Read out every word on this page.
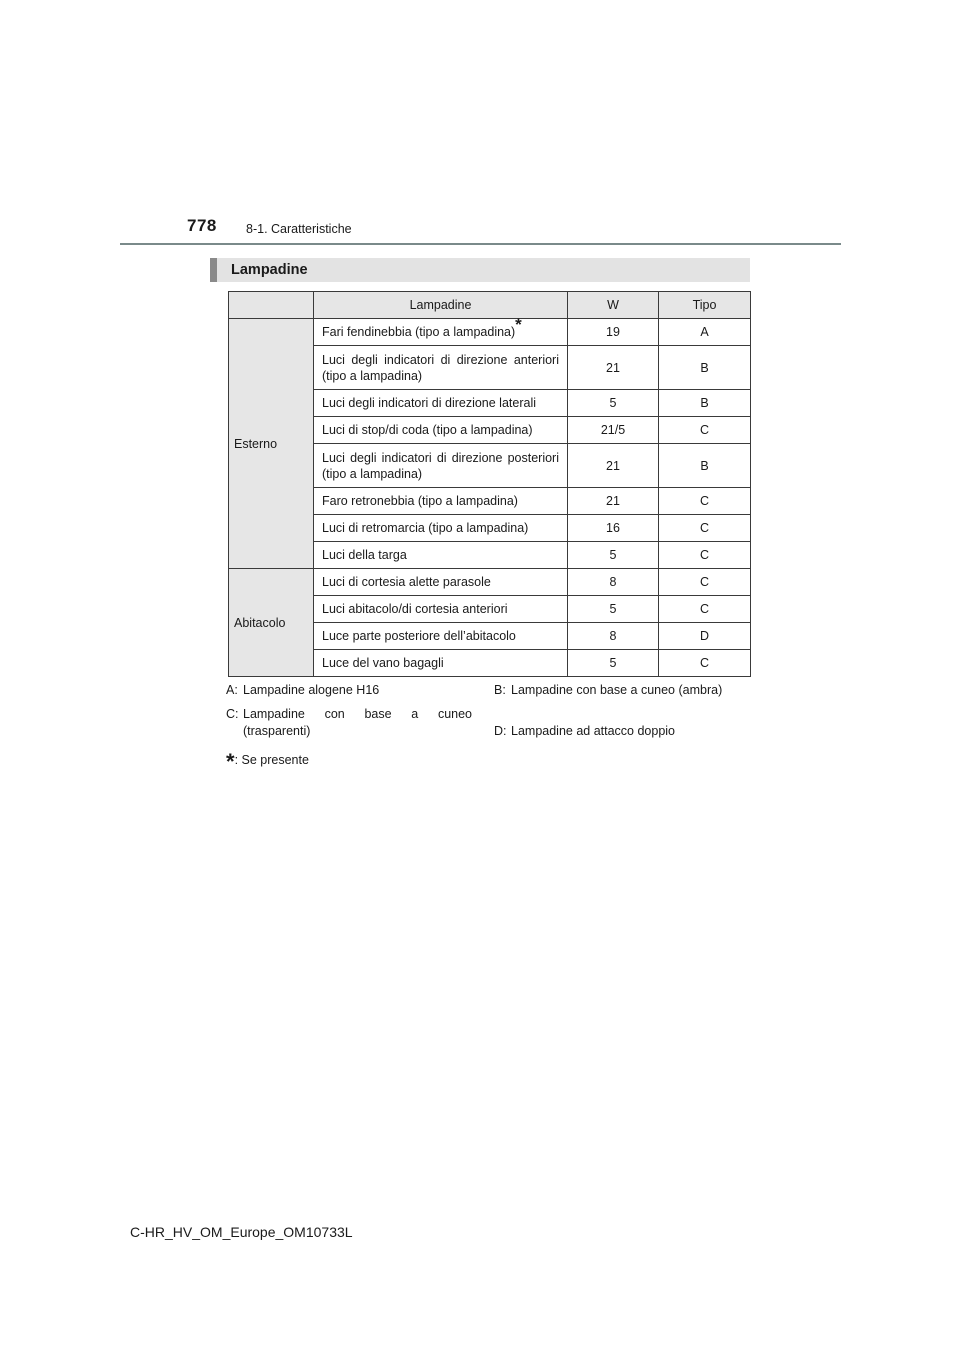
778 8-1. Caratteristiche
Lampadine
	Lampadine	W	Tipo
Esterno	Fari fendinebbia (tipo a lampadina)*	19	A
	Luci degli indicatori di direzione anteriori (tipo a lampadina)	21	B
	Luci degli indicatori di direzione laterali	5	B
	Luci di stop/di coda (tipo a lampadina)	21/5	C
	Luci degli indicatori di direzione posteriori (tipo a lampadina)	21	B
	Faro retronebbia (tipo a lampadina)	21	C
	Luci di retromarcia (tipo a lampadina)	16	C
	Luci della targa	5	C
Abitacolo	Luci di cortesia alette parasole	8	C
	Luci abitacolo/di cortesia anteriori	5	C
	Luce parte posteriore dell’abitacolo	8	D
	Luce del vano bagagli	5	C
A: Lampadine alogene H16
C: Lampadine con base a cuneo (trasparenti)
B: Lampadine con base a cuneo (ambra)
D: Lampadine ad attacco doppio
*: Se presente
C-HR_HV_OM_Europe_OM10733L
